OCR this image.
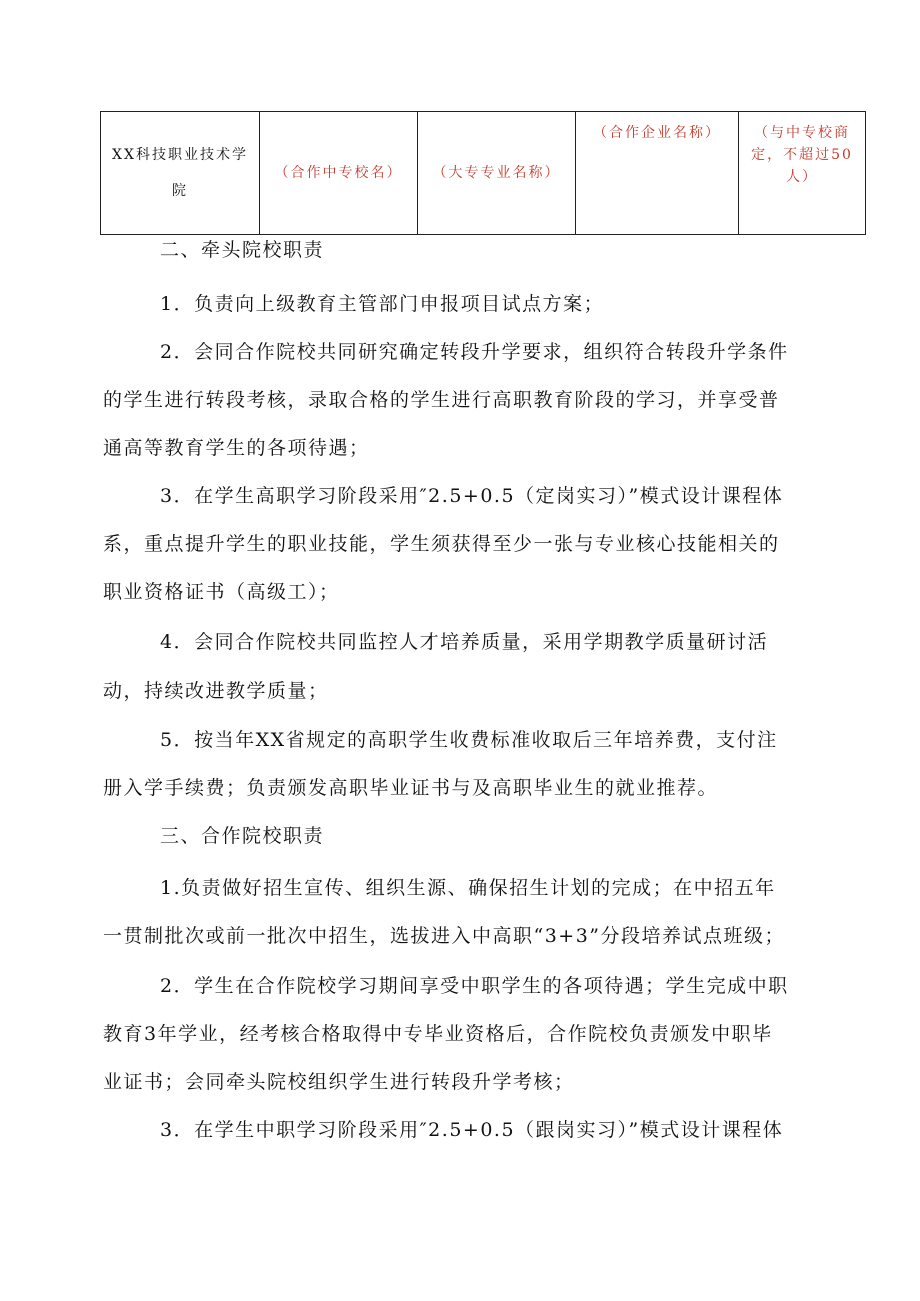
XX科技职业技术学院	（合作中专校名）	（大专专业名称）	（合作企业名称）	（与中专校商定，不超过50人）
二、牵头院校职责
1．负责向上级教育主管部门申报项目试点方案；
2．会同合作院校共同研究确定转段升学要求，组织符合转段升学条件
的学生进行转段考核，录取合格的学生进行高职教育阶段的学习，并享受普
通高等教育学生的各项待遇；
3．在学生高职学习阶段采用″2.5+0.5（定岗实习）”模式设计课程体
系，重点提升学生的职业技能，学生须获得至少一张与专业核心技能相关的
职业资格证书（高级工）；
4．会同合作院校共同监控人才培养质量，采用学期教学质量研讨活
动，持续改进教学质量；
5．按当年XX省规定的高职学生收费标准收取后三年培养费，支付注
册入学手续费；负责颁发高职毕业证书与及高职毕业生的就业推荐。
三、合作院校职责
1.负责做好招生宣传、组织生源、确保招生计划的完成；在中招五年
一贯制批次或前一批次中招生，选拔进入中高职“3+3”分段培养试点班级；
2．学生在合作院校学习期间享受中职学生的各项待遇；学生完成中职
教育3年学业，经考核合格取得中专毕业资格后，合作院校负责颁发中职毕
业证书；会同牵头院校组织学生进行转段升学考核；
3．在学生中职学习阶段采用″2.5+0.5（跟岗实习）”模式设计课程体
